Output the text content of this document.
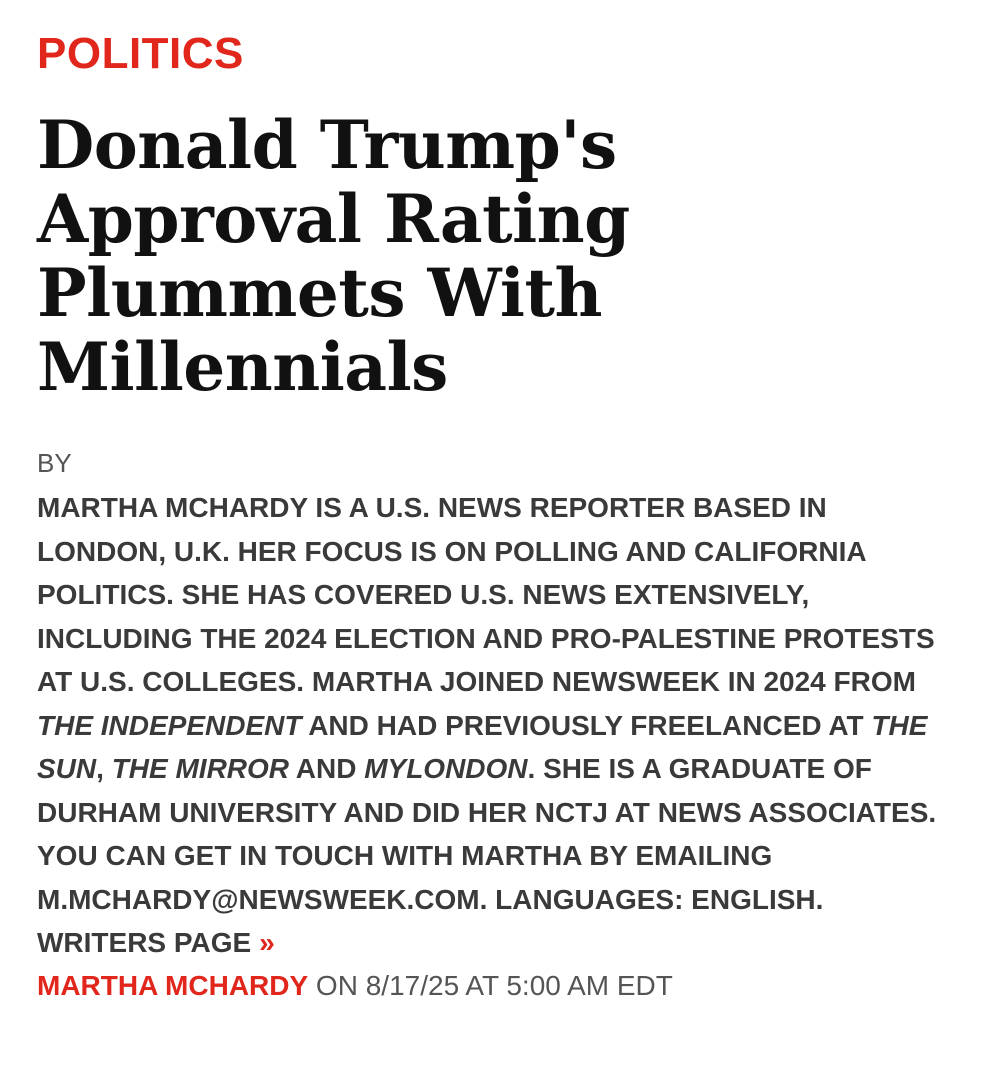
POLITICS
Donald Trump's Approval Rating Plummets With Millennials
BY
MARTHA MCHARDY IS A U.S. NEWS REPORTER BASED IN LONDON, U.K. HER FOCUS IS ON POLLING AND CALIFORNIA POLITICS. SHE HAS COVERED U.S. NEWS EXTENSIVELY, INCLUDING THE 2024 ELECTION AND PRO-PALESTINE PROTESTS AT U.S. COLLEGES. MARTHA JOINED NEWSWEEK IN 2024 FROM THE INDEPENDENT AND HAD PREVIOUSLY FREELANCED AT THE SUN, THE MIRROR AND MYLONDON. SHE IS A GRADUATE OF DURHAM UNIVERSITY AND DID HER NCTJ AT NEWS ASSOCIATES. YOU CAN GET IN TOUCH WITH MARTHA BY EMAILING M.MCHARDY@NEWSWEEK.COM. LANGUAGES: ENGLISH.
WRITERS PAGE ››
MARTHA MCHARDY ON 8/17/25 AT 5:00 AM EDT
